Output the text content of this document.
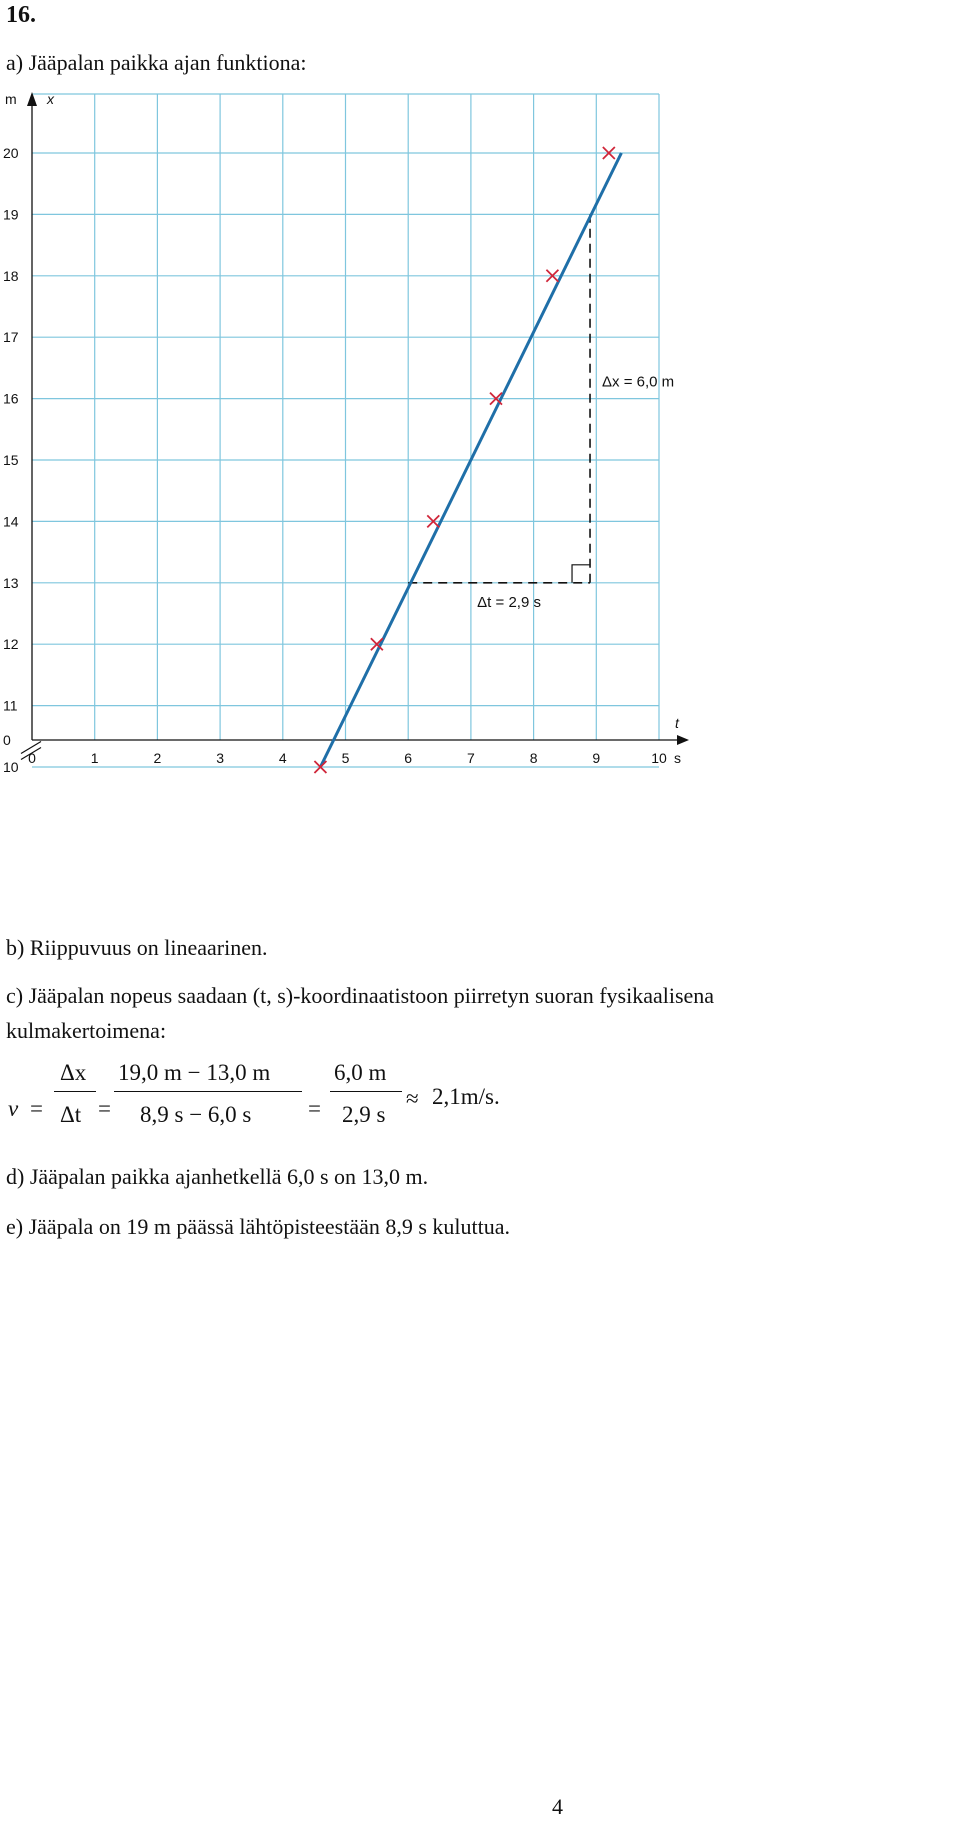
16.
a) Jääpalan paikka ajan funktiona:
0	1	2	3	4	5	6	7	8	9	10
0
10
11
12
13
14
15
16
17
18
19
20
m x
t
s
Δx = 6,0 m
Δt = 2,9 s
b) Riippuvuus on lineaarinen.
c) Jääpalan nopeus saadaan (t, s)-koordinaatistoon piirretyn suoran fysikaalisena
kulmakertoimena:
v =
Δx
Δt =
19,0 m − 13,0 m
8,9 s − 6,0 s =
6,0 m
2,9 s
≈ 2,1m/s.
d) Jääpalan paikka ajanhetkellä 6,0 s on 13,0 m.
e) Jääpala on 19 m päässä lähtöpisteestään 8,9 s kuluttua.
4
